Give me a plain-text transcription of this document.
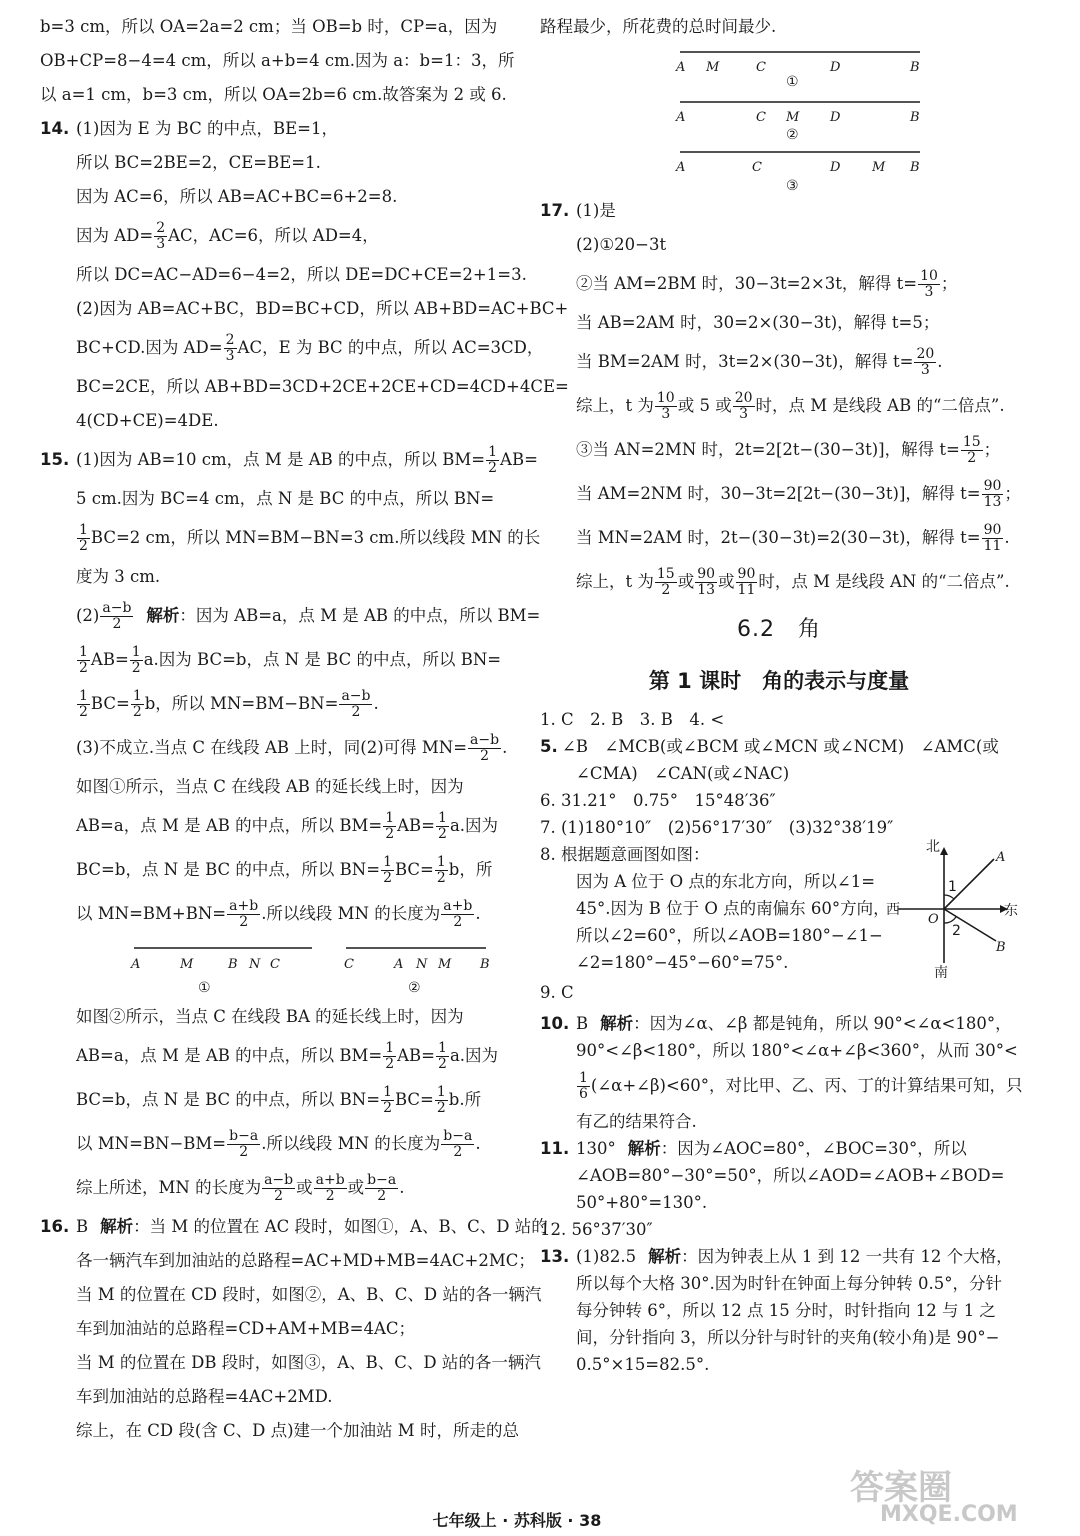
b=3 cm，所以 OA=2a=2 cm；当 OB=b 时，CP=a，因为
OB+CP=8−4=4 cm，所以 a+b=4 cm.因为 a：b=1：3，所
以 a=1 cm，b=3 cm，所以 OA=2b=6 cm.故答案为 2 或 6.
14. (1)因为 E 为 BC 的中点，BE=1，
所以 BC=2BE=2，CE=BE=1.
因为 AC=6，所以 AB=AC+BC=6+2=8.
因为 $AD= \frac{2}{3}$ AC，AC=6，所以 AD=4，
所以 DC=AC−AD=6−4=2，所以 DE=DC+CE=2+1=3.
(2)因为 AB=AC+BC，BD=BC+CD，所以 AB+BD=AC+BC+
BC+CD.因为 $AD= \frac{2}{3}$ AC，E 为 BC 的中点，所以 AC=3CD，
BC=2CE，所以 AB+BD=3CD+2CE+2CE+CD=4CD+4CE=
4(CD+CE)=4DE.
15. (1)因为 AB=10 cm，点 M 是 AB 的中点，所以 $BM= \frac{1}{2} AB=$
5 cm.因为 BC=4 cm，点 N 是 BC 的中点，所以 BN=
$\frac{1}{2} BC=2$ cm，所以 MN=BM−BN=3 cm.所以线段 MN 的长
度为 3 cm.
$(2) \frac{a-b}{2}$ 解析：因为 AB=a，点 M 是 AB 的中点，所以 BM=
$\frac{1}{2} AB= \frac{1}{2} a$.因为 BC=b，点 N 是 BC 的中点，所以 BN=
$\frac{1}{2} BC= \frac{1}{2}$ b，所以 $MN=BM-BN= \frac{a-b}{2}$ .
(3)不成立.当点 C 在线段 AB 上时，同(2)可得 $MN= \frac{a-b}{2}$ .
如图①所示，当点 C 在线段 AB 的延长线上时，因为
AB=a，点 M 是 AB 的中点，所以 $BM= \frac{1}{2} AB= \frac{1}{2} a$.因为
BC=b，点 N 是 BC 的中点，所以 $BN= \frac{1}{2} BC= \frac{1}{2}$ b，所
以 $MN=BM+BN= \frac{a+b}{2}$ .所以线段 MN 的长度为 $\frac{a+b}{2}$ .
A	M	B N C	C	A N M B
①	②
如图②所示，当点 C 在线段 BA 的延长线上时，因为
AB=a，点 M 是 AB 的中点，所以 $BM= \frac{1}{2} AB= \frac{1}{2} a$.因为
BC=b，点 N 是 BC 的中点，所以 $BN= \frac{1}{2} BC= \frac{1}{2} b$.所
以 $MN=BN-BM= \frac{b-a}{2}$ .所以线段 MN 的长度为 $\frac{b-a}{2}$ .
综上所述，MN 的长度为 $\frac{a-b}{2}$ 或 $\frac{a+b}{2}$ 或 $\frac{b-a}{2}$ .
16. B 解析：当 M 的位置在 AC 段时，如图①，A、B、C、D 站的
各一辆汽车到加油站的总路程=AC+MD+MB=4AC+2MC；
当 M 的位置在 CD 段时，如图②，A、B、C、D 站的各一辆汽
车到加油站的总路程=CD+AM+MB=4AC；
当 M 的位置在 DB 段时，如图③，A、B、C、D 站的各一辆汽
车到加油站的总路程=4AC+2MD.
综上，在 CD 段(含 C、D 点)建一个加油站 M 时，所走的总
路程最少，所花费的总时间最少.
A M	C	D	B
①
A	C M D	B
②
A	C	D M B
③
17. (1)是
(2)①20−3t
②当 AM=2BM 时，30−3t=2×3t，解得 $t= \frac{10}{3}$ ；
当 AB=2AM 时，30=2×(30−3t)，解得 t=5；
当 BM=2AM 时，3t=2×(30−3t)，解得 $t= \frac{20}{3}$ .
综上，t 为 $\frac{10}{3}$ 或 5 或 $\frac{20}{3}$ 时，点 M 是线段 AB 的“二倍点”.
③当 AN=2MN 时，2t=2[2t−(30−3t)]，解得 $t= \frac{15}{2}$ ；
当 AM=2NM 时，30−3t=2[2t−(30−3t)]，解得 $t= \frac{90}{13}$ ；
当 MN=2AM 时，2t−(30−3t)=2(30−3t)，解得 $t= \frac{90}{11}$ .
综上，t 为 $\frac{15}{2}$ 或 $\frac{90}{13}$ 或 $\frac{90}{11}$ 时，点 M 是线段 AN 的“二倍点”.
6.2　角
第 1 课时　角的表示与度量
1. C　2. B　3. B　4. <
5. ∠B　∠MCB(或∠BCM 或∠MCN 或∠NCM)　∠AMC(或
∠CMA)　∠CAN(或∠NAC)
6. 31.21°　0.75°　15°48′36″
7. (1)180°10″　(2)56°17′30″　(3)32°38′19″
8. 根据题意画图如图：
因为 A 位于 O 点的东北方向，所以∠1=
45°.因为 B 位于 O 点的南偏东 60°方向，
所以∠2=60°，所以∠AOB=180°−∠1−
∠2=180°−45°−60°=75°.
北
南
西	东
A
B
O
1
2
9. C
10. B 解析：因为∠α、∠β 都是钝角，所以 90°<∠α<180°，
90°<∠β<180°，所以 180°<∠α+∠β<360°，从而 30°<
$\frac{1}{6}$ (∠α+∠β)<60°，对比甲、乙、丙、丁的计算结果可知，只
有乙的结果符合.
11. 130° 解析：因为∠AOC=80°，∠BOC=30°，所以
∠AOB=80°−30°=50°，所以∠AOD=∠AOB+∠BOD=
50°+80°=130°.
12. 56°37′30″
13. (1)82.5 解析：因为钟表上从 1 到 12 一共有 12 个大格，
所以每个大格 30°.因为时针在钟面上每分钟转 0.5°，分针
每分钟转 6°，所以 12 点 15 分时，时针指向 12 与 1 之
间，分针指向 3，所以分针与时针的夹角(较小角)是 90°−
0.5°×15=82.5°.
七年级上 · 苏科版 · 38
答案圈
MXQE.COM
